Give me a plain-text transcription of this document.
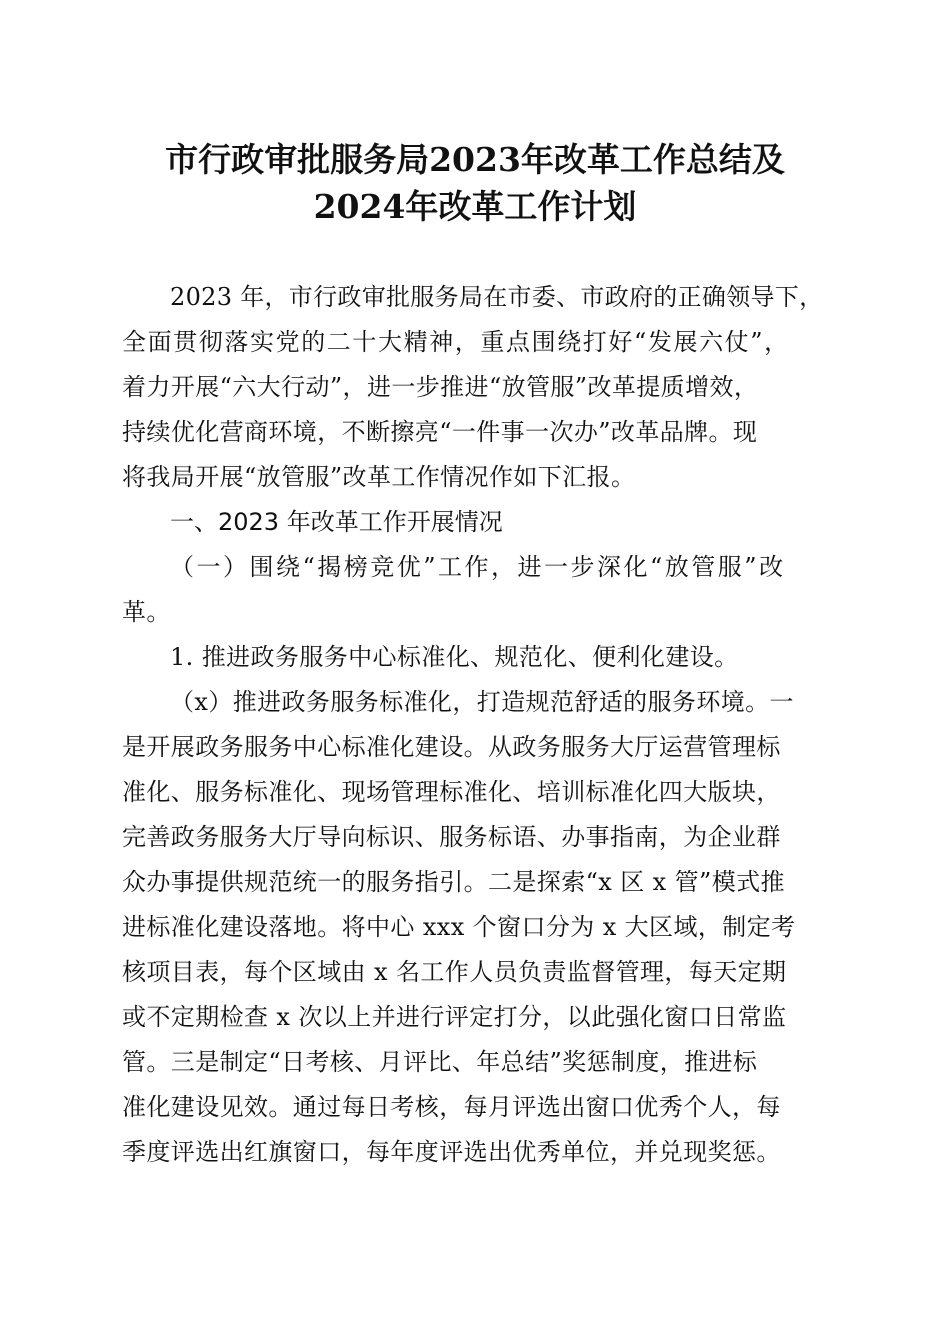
市行政审批服务局2023年改革工作总结及
2024年改革工作计划
2023 年，市行政审批服务局在市委、市政府的正确领导下，
全面贯彻落实党的二十大精神，重点围绕打好“发展六仗”，
着力开展“六大行动”，进一步推进“放管服”改革提质增效，
持续优化营商环境，不断擦亮“一件事一次办”改革品牌。现
将我局开展“放管服”改革工作情况作如下汇报。
一、2023 年改革工作开展情况
（一）围绕“揭榜竞优”工作，进一步深化“放管服”改
革。
1. 推进政务服务中心标准化、规范化、便利化建设。
（x）推进政务服务标准化，打造规范舒适的服务环境。一
是开展政务服务中心标准化建设。从政务服务大厅运营管理标
准化、服务标准化、现场管理标准化、培训标准化四大版块，
完善政务服务大厅导向标识、服务标语、办事指南，为企业群
众办事提供规范统一的服务指引。二是探索“x 区 x 管”模式推
进标准化建设落地。将中心 xxx 个窗口分为 x 大区域，制定考
核项目表，每个区域由 x 名工作人员负责监督管理，每天定期
或不定期检查 x 次以上并进行评定打分，以此强化窗口日常监
管。三是制定“日考核、月评比、年总结”奖惩制度，推进标
准化建设见效。通过每日考核，每月评选出窗口优秀个人，每
季度评选出红旗窗口，每年度评选出优秀单位，并兑现奖惩。
